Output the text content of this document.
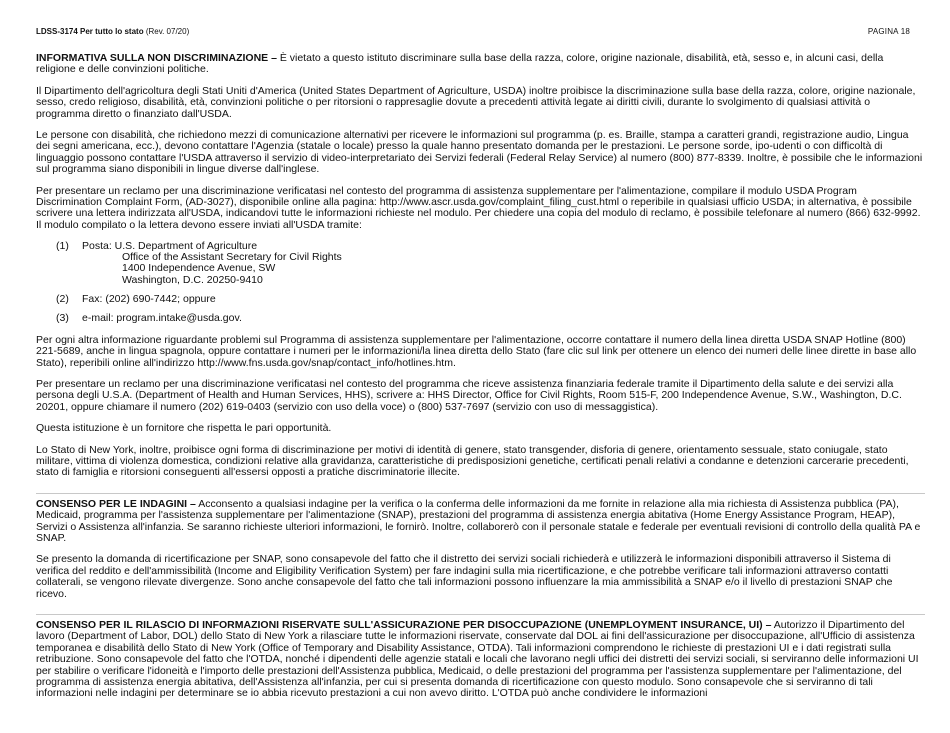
LDSS-3174 Per tutto lo stato (Rev. 07/20)	PAGINA 18

INFORMATIVA SULLA NON DISCRIMINAZIONE – È vietato a questo istituto discriminare sulla base della razza, colore, origine nazionale, disabilità, età, sesso e, in alcuni casi, della religione e delle convinzioni politiche.

Il Dipartimento dell'agricoltura degli Stati Uniti d'America (United States Department of Agriculture, USDA) inoltre proibisce la discriminazione sulla base della razza, colore, origine nazionale, sesso, credo religioso, disabilità, età, convinzioni politiche o per ritorsioni o rappresaglie dovute a precedenti attività legate ai diritti civili, durante lo svolgimento di qualsiasi attività o programma diretto o finanziato dall'USDA.

Le persone con disabilità, che richiedono mezzi di comunicazione alternativi per ricevere le informazioni sul programma (p. es. Braille, stampa a caratteri grandi, registrazione audio, Lingua dei segni americana, ecc.), devono contattare l'Agenzia (statale o locale) presso la quale hanno presentato domanda per le prestazioni. Le persone sorde, ipo-udenti o con difficoltà di linguaggio possono contattare l'USDA attraverso il servizio di video-interpretariato dei Servizi federali (Federal Relay Service) al numero (800) 877-8339. Inoltre, è possibile che le informazioni sul programma siano disponibili in lingue diverse dall'inglese.

Per presentare un reclamo per una discriminazione verificatasi nel contesto del programma di assistenza supplementare per l'alimentazione, compilare il modulo USDA Program Discrimination Complaint Form, (AD-3027), disponibile online alla pagina: http://www.ascr.usda.gov/complaint_filing_cust.html o reperibile in qualsiasi ufficio USDA; in alternativa, è possibile scrivere una lettera indirizzata all'USDA, indicandovi tutte le informazioni richieste nel modulo. Per chiedere una copia del modulo di reclamo, è possibile telefonare al numero (866) 632-9992. Il modulo compilato o la lettera devono essere inviati all'USDA tramite:

(1)	Posta: U.S. Department of Agriculture
Office of the Assistant Secretary for Civil Rights
1400 Independence Avenue, SW
Washington, D.C. 20250-9410
(2)	Fax: (202) 690-7442; oppure
(3)	e-mail: program.intake@usda.gov.

Per ogni altra informazione riguardante problemi sul Programma di assistenza supplementare per l'alimentazione, occorre contattare il numero della linea diretta USDA SNAP Hotline (800) 221-5689, anche in lingua spagnola, oppure contattare i numeri per le informazioni/la linea diretta dello Stato (fare clic sul link per ottenere un elenco dei numeri delle linee dirette in base allo Stato), reperibili online all'indirizzo http://www.fns.usda.gov/snap/contact_info/hotlines.htm.

Per presentare un reclamo per una discriminazione verificatasi nel contesto del programma che riceve assistenza finanziaria federale tramite il Dipartimento della salute e dei servizi alla persona degli U.S.A. (Department of Health and Human Services, HHS), scrivere a: HHS Director, Office for Civil Rights, Room 515-F, 200 Independence Avenue, S.W., Washington, D.C. 20201, oppure chiamare il numero (202) 619-0403 (servizio con uso della voce) o (800) 537-7697 (servizio con uso di messaggistica).

Questa istituzione è un fornitore che rispetta le pari opportunità.

Lo Stato di New York, inoltre, proibisce ogni forma di discriminazione per motivi di identità di genere, stato transgender, disforia di genere, orientamento sessuale, stato coniugale, stato militare, vittima di violenza domestica, condizioni relative alla gravidanza, caratteristiche di predisposizioni genetiche, certificati penali relativi a condanne e detenzioni carcerarie precedenti, stato di famiglia e ritorsioni conseguenti all'essersi opposti a pratiche discriminatorie illecite.

CONSENSO PER LE INDAGINI – Acconsento a qualsiasi indagine per la verifica o la conferma delle informazioni da me fornite in relazione alla mia richiesta di Assistenza pubblica (PA), Medicaid, programma per l'assistenza supplementare per l'alimentazione (SNAP), prestazioni del programma di assistenza energia abitativa (Home Energy Assistance Program, HEAP), Servizi o Assistenza all'infanzia. Se saranno richieste ulteriori informazioni, le fornirò. Inoltre, collaborerò con il personale statale e federale per eventuali revisioni di controllo della qualità PA e SNAP.

Se presento la domanda di ricertificazione per SNAP, sono consapevole del fatto che il distretto dei servizi sociali richiederà e utilizzerà le informazioni disponibili attraverso il Sistema di verifica del reddito e dell'ammissibilità (Income and Eligibility Verification System) per fare indagini sulla mia ricertificazione, e che potrebbe verificare tali informazioni attraverso contatti collaterali, se vengono rilevate divergenze. Sono anche consapevole del fatto che tali informazioni possono influenzare la mia ammissibilità a SNAP e/o il livello di prestazioni SNAP che ricevo.

CONSENSO PER IL RILASCIO DI INFORMAZIONI RISERVATE SULL'ASSICURAZIONE PER DISOCCUPAZIONE (UNEMPLOYMENT INSURANCE, UI) – Autorizzo il Dipartimento del lavoro (Department of Labor, DOL) dello Stato di New York a rilasciare tutte le informazioni riservate, conservate dal DOL ai fini dell'assicurazione per disoccupazione, all'Ufficio di assistenza temporanea e disabilità dello Stato di New York (Office of Temporary and Disability Assistance, OTDA). Tali informazioni comprendono le richieste di prestazioni UI e i dati registrati sulla retribuzione. Sono consapevole del fatto che l'OTDA, nonché i dipendenti delle agenzie statali e locali che lavorano negli uffici dei distretti dei servizi sociali, si serviranno delle informazioni UI per stabilire o verificare l'idoneità e l'importo delle prestazioni dell'Assistenza pubblica, Medicaid, o delle prestazioni del programma per l'assistenza supplementare per l'alimentazione, del programma di assistenza energia abitativa, dell'Assistenza all'infanzia, per cui si presenta domanda di ricertificazione con questo modulo. Sono consapevole che si serviranno di tali informazioni nelle indagini per determinare se io abbia ricevuto prestazioni a cui non avevo diritto. L'OTDA può anche condividere le informazioni
